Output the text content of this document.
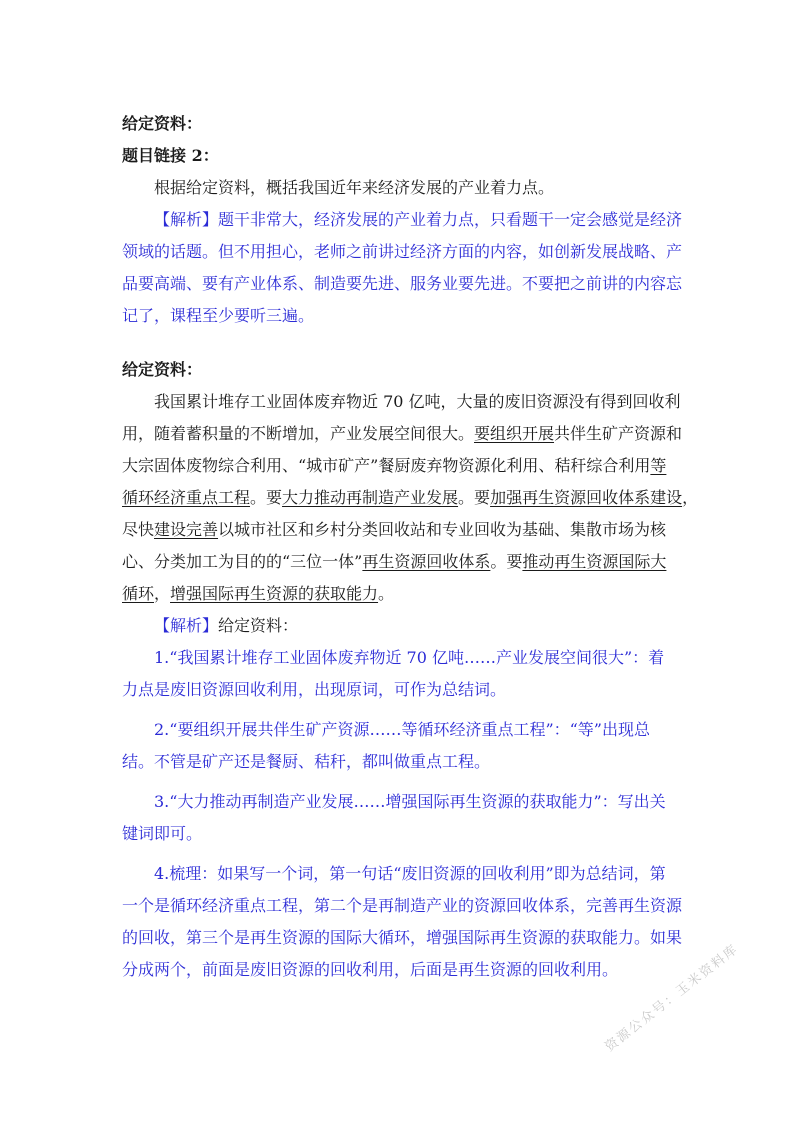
给定资料：
题目链接 2：
根据给定资料，概括我国近年来经济发展的产业着力点。
【解析】题干非常大，经济发展的产业着力点，只看题干一定会感觉是经济
领域的话题。但不用担心，老师之前讲过经济方面的内容，如创新发展战略、产
品要高端、要有产业体系、制造要先进、服务业要先进。不要把之前讲的内容忘
记了，课程至少要听三遍。
给定资料：
我国累计堆存工业固体废弃物近 70 亿吨，大量的废旧资源没有得到回收利
用，随着蓄积量的不断增加，产业发展空间很大。要组织开展共伴生矿产资源和
大宗固体废物综合利用、“城市矿产”餐厨废弃物资源化利用、秸秆综合利用等
循环经济重点工程。要大力推动再制造产业发展。要加强再生资源回收体系建设，
尽快建设完善以城市社区和乡村分类回收站和专业回收为基础、集散市场为核
心、分类加工为目的的“三位一体”再生资源回收体系。要推动再生资源国际大
循环，增强国际再生资源的获取能力。
【解析】给定资料：
1.“我国累计堆存工业固体废弃物近 70 亿吨……产业发展空间很大”：着
力点是废旧资源回收利用，出现原词，可作为总结词。
2.“要组织开展共伴生矿产资源……等循环经济重点工程”：“等”出现总
结。不管是矿产还是餐厨、秸秆，都叫做重点工程。
3.“大力推动再制造产业发展……增强国际再生资源的获取能力”：写出关
键词即可。
4.梳理：如果写一个词，第一句话“废旧资源的回收利用”即为总结词，第
一个是循环经济重点工程，第二个是再制造产业的资源回收体系，完善再生资源
的回收，第三个是再生资源的国际大循环，增强国际再生资源的获取能力。如果
分成两个，前面是废旧资源的回收利用，后面是再生资源的回收利用。
资源公众号：玉米资料库
